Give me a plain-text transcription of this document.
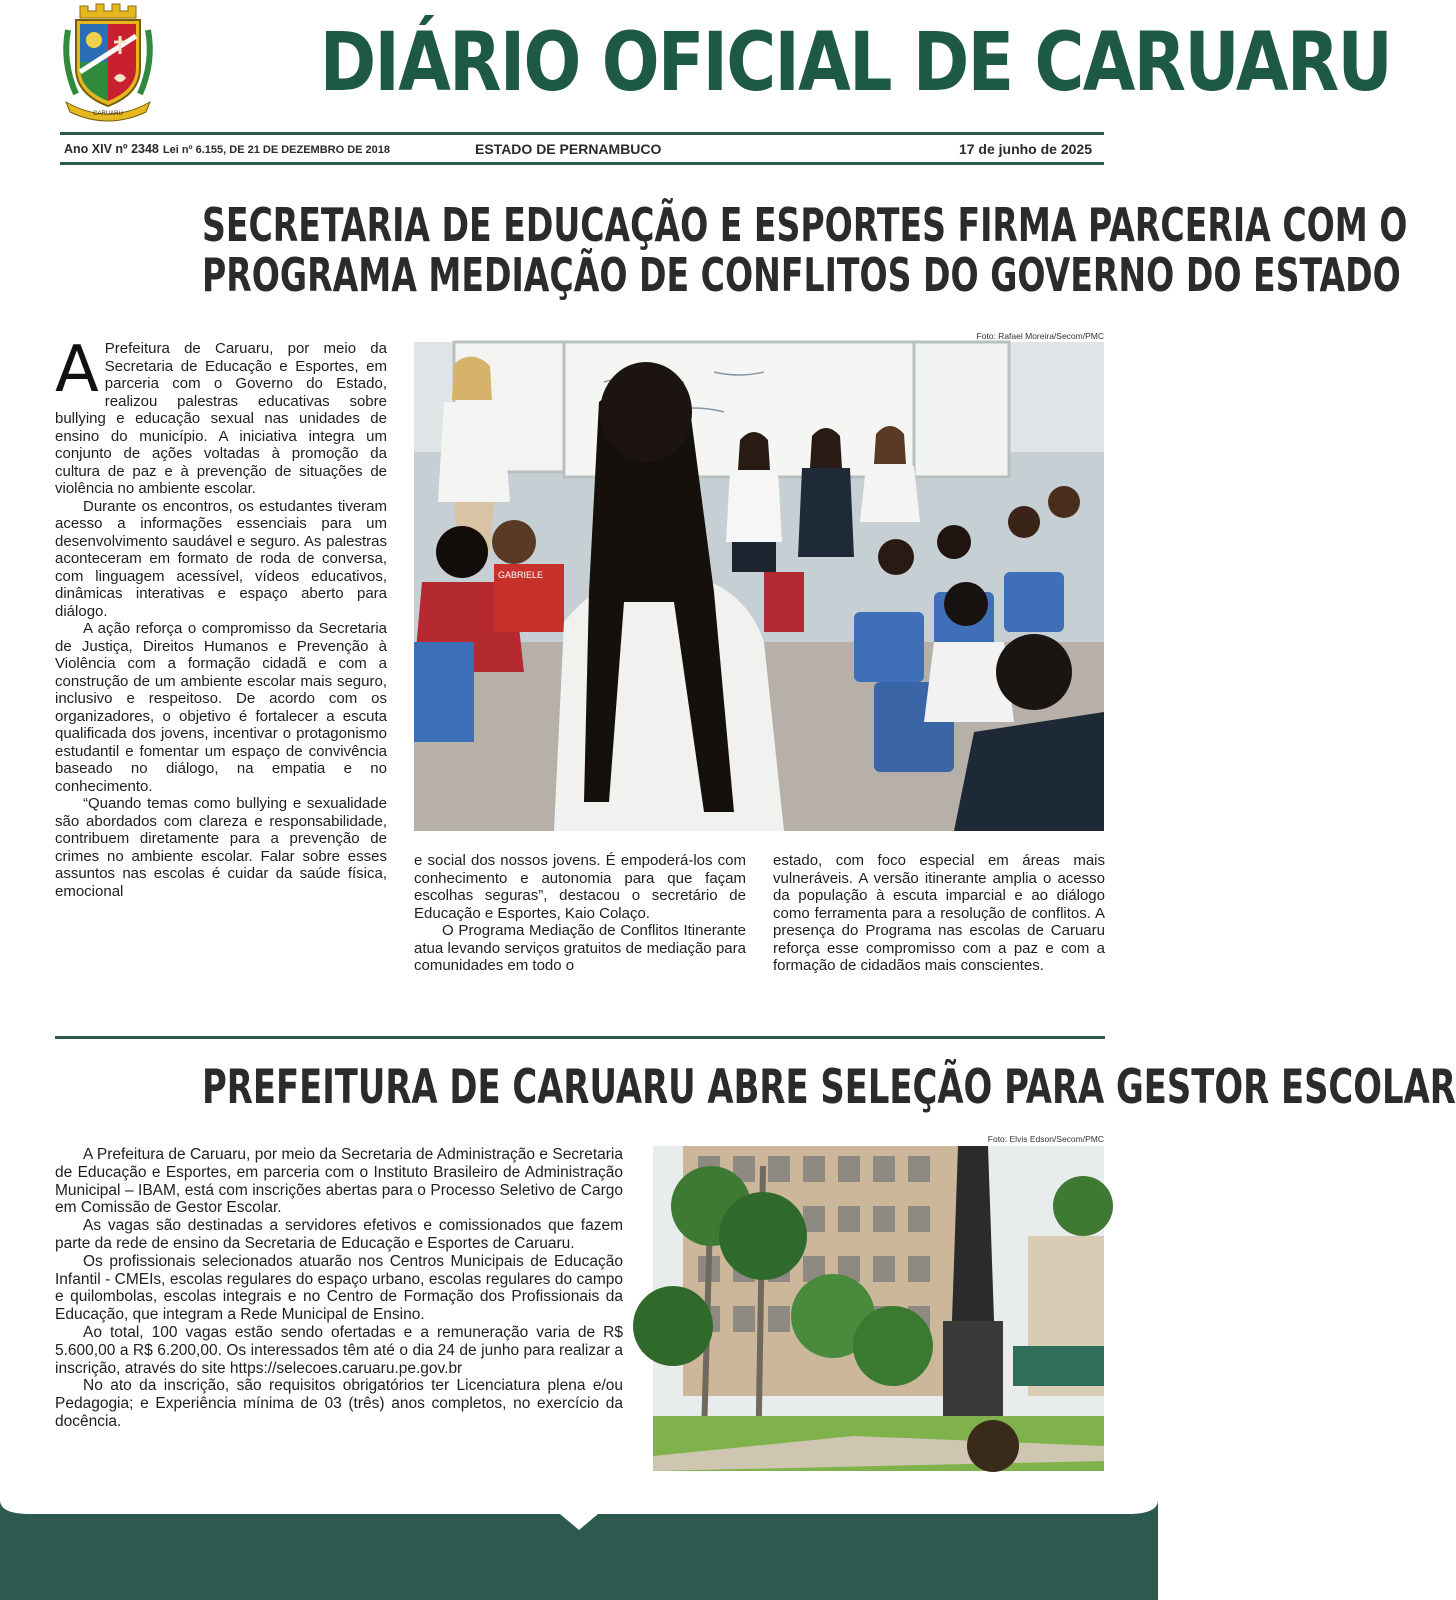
CARUARU
DIÁRIO OFICIAL DE CARUARU
Ano XIV nº 2348 Lei nº 6.155, DE 21 DE DEZEMBRO DE 2018	ESTADO DE PERNAMBUCO	17 de junho de 2025
SECRETARIA DE EDUCAÇÃO E ESPORTES FIRMA PARCERIA COM O
PROGRAMA MEDIAÇÃO DE CONFLITOS DO GOVERNO DO ESTADO
Foto: Rafael Moreira/Secom/PMC

A Prefeitura de Caruaru, por meio da Secretaria de Educação e Esportes, em parceria com o Governo do Estado, realizou palestras educativas sobre bullying e educação sexual nas unidades de ensino do município. A iniciativa integra um conjunto de ações voltadas à promoção da cultura de paz e à prevenção de situações de violência no ambiente escolar.

Durante os encontros, os estudantes tiveram acesso a informações essenciais para um desenvolvimento saudável e seguro. As palestras aconteceram em formato de roda de conversa, com linguagem acessível, vídeos educativos, dinâmicas interativas e espaço aberto para diálogo.

A ação reforça o compromisso da Secretaria de Justiça, Direitos Humanos e Prevenção à Violência com a formação cidadã e com a construção de um ambiente escolar mais seguro, inclusivo e respeitoso. De acordo com os organizadores, o objetivo é fortalecer a escuta qualificada dos jovens, incentivar o protagonismo estudantil e fomentar um espaço de convivência baseado no diálogo, na empatia e no conhecimento.

“Quando temas como bullying e sexualidade são abordados com clareza e responsabilidade, contribuem diretamente para a prevenção de crimes no ambiente escolar. Falar sobre esses assuntos nas escolas é cuidar da saúde física, emocional

GABRIELE

e social dos nossos jovens. É empoderá-los com conhecimento e autonomia para que façam escolhas seguras”, destacou o secretário de Educação e Esportes, Kaio Colaço.

O Programa Mediação de Conflitos Itinerante atua levando serviços gratuitos de mediação para comunidades em todo o

estado, com foco especial em áreas mais vulneráveis. A versão itinerante amplia o acesso da população à escuta imparcial e ao diálogo como ferramenta para a resolução de conflitos. A presença do Programa nas escolas de Caruaru reforça esse compromisso com a paz e com a formação de cidadãos mais conscientes.

PREFEITURA DE CARUARU ABRE SELEÇÃO PARA GESTOR ESCOLAR
Foto: Elvis Edson/Secom/PMC

A Prefeitura de Caruaru, por meio da Secretaria de Administração e Secretaria de Educação e Esportes, em parceria com o Instituto Brasileiro de Administração Municipal – IBAM, está com inscrições abertas para o Processo Seletivo de Cargo em Comissão de Gestor Escolar.

As vagas são destinadas a servidores efetivos e comissionados que fazem parte da rede de ensino da Secretaria de Educação e Esportes de Caruaru.

Os profissionais selecionados atuarão nos Centros Municipais de Educação Infantil - CMEIs, escolas regulares do espaço urbano, escolas regulares do campo e quilombolas, escolas integrais e no Centro de Formação dos Profissionais da Educação, que integram a Rede Municipal de Ensino.

Ao total, 100 vagas estão sendo ofertadas e a remuneração varia de R$ 5.600,00 a R$ 6.200,00. Os interessados têm até o dia 24 de junho para realizar a inscrição, através do site https://selecoes.caruaru.pe.gov.br

No ato da inscrição, são requisitos obrigatórios ter Licenciatura plena e/ou Pedagogia; e Experiência mínima de 03 (três) anos completos, no exercício da docência.
